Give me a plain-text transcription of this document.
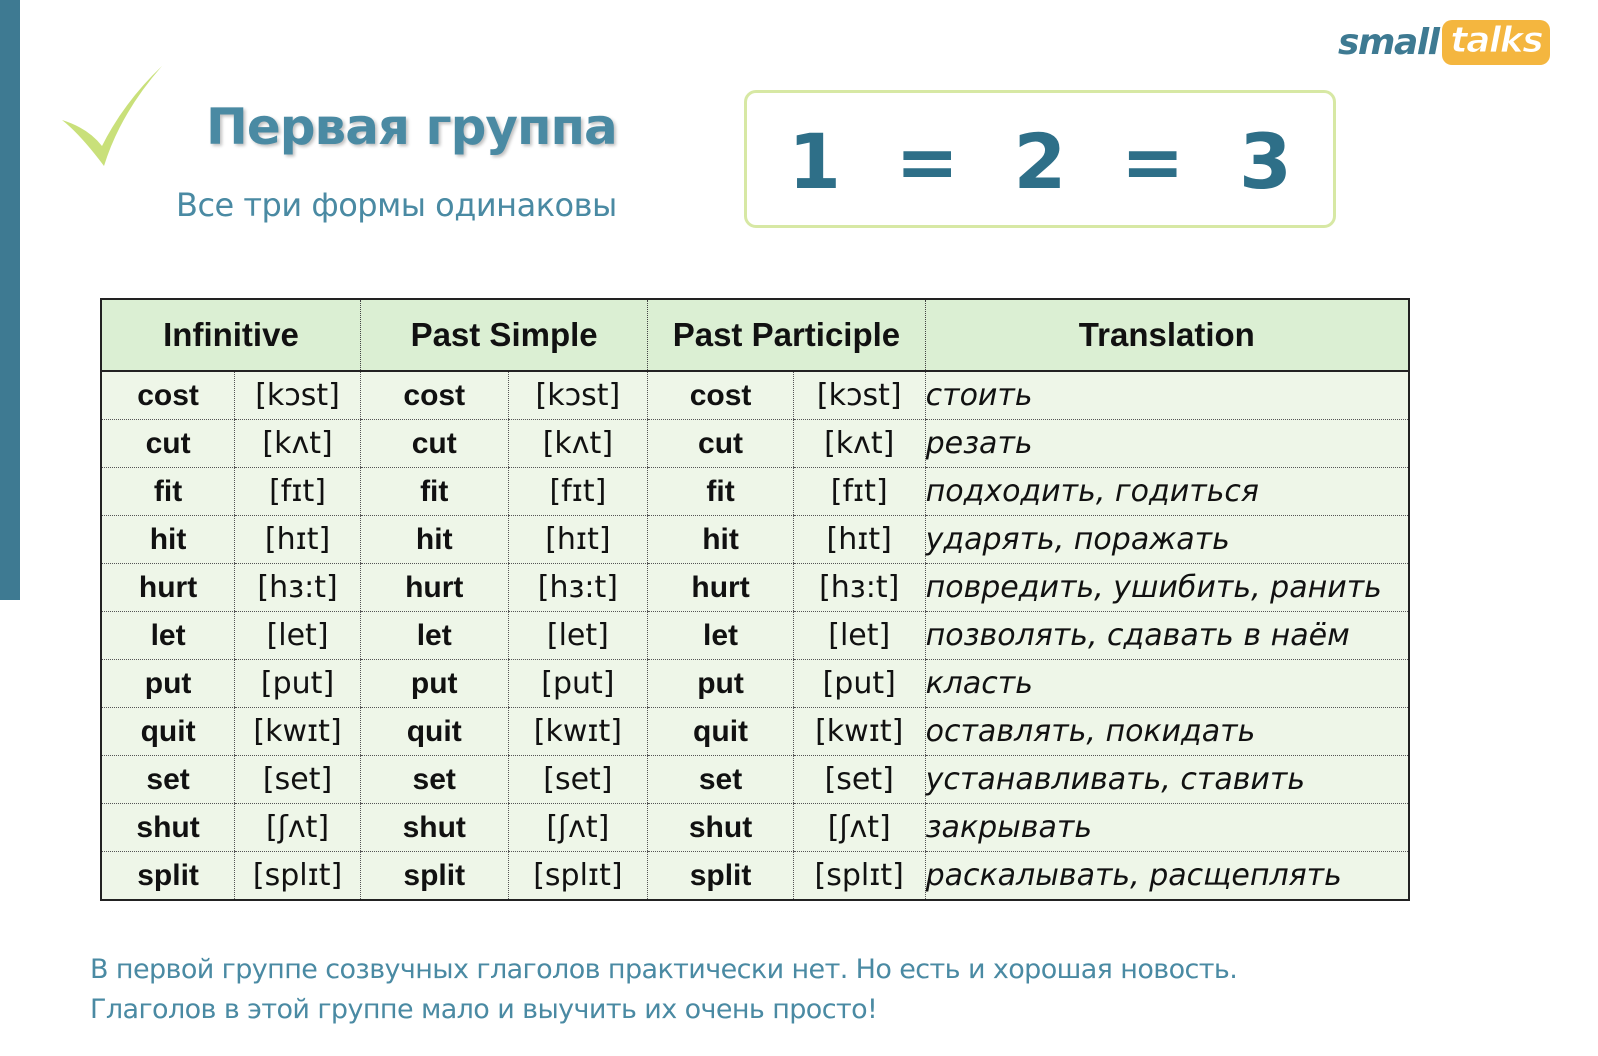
small talks
Первая группа
Все три формы одинаковы 1 = 2 = 3
Infinitive		Past Simple		Past Participle		Translation
cost	[kɔst]	cost	[kɔst]	cost	[kɔst]	стоить
cut	[kʌt]	cut	[kʌt]	cut	[kʌt]	резать
fit	[fɪt]	fit	[fɪt]	fit	[fɪt]	подходить, годиться
hit	[hɪt]	hit	[hɪt]	hit	[hɪt]	ударять, поражать
hurt	[hɜ:t]	hurt	[hɜ:t]	hurt	[hɜ:t]	повредить, ушибить, ранить
let	[let]	let	[let]	let	[let]	позволять, сдавать в наём
put	[put]	put	[put]	put	[put]	класть
quit	[kwɪt]	quit	[kwɪt]	quit	[kwɪt]	оставлять, покидать
set	[set]	set	[set]	set	[set]	устанавливать, ставить
shut	[ʃʌt]	shut	[ʃʌt]	shut	[ʃʌt]	закрывать
split	[splɪt]	split	[splɪt]	split	[splɪt]	раскалывать, расщеплять
В первой группе созвучных глаголов практически нет. Но есть и хорошая новость.
Глаголов в этой группе мало и выучить их очень просто!
